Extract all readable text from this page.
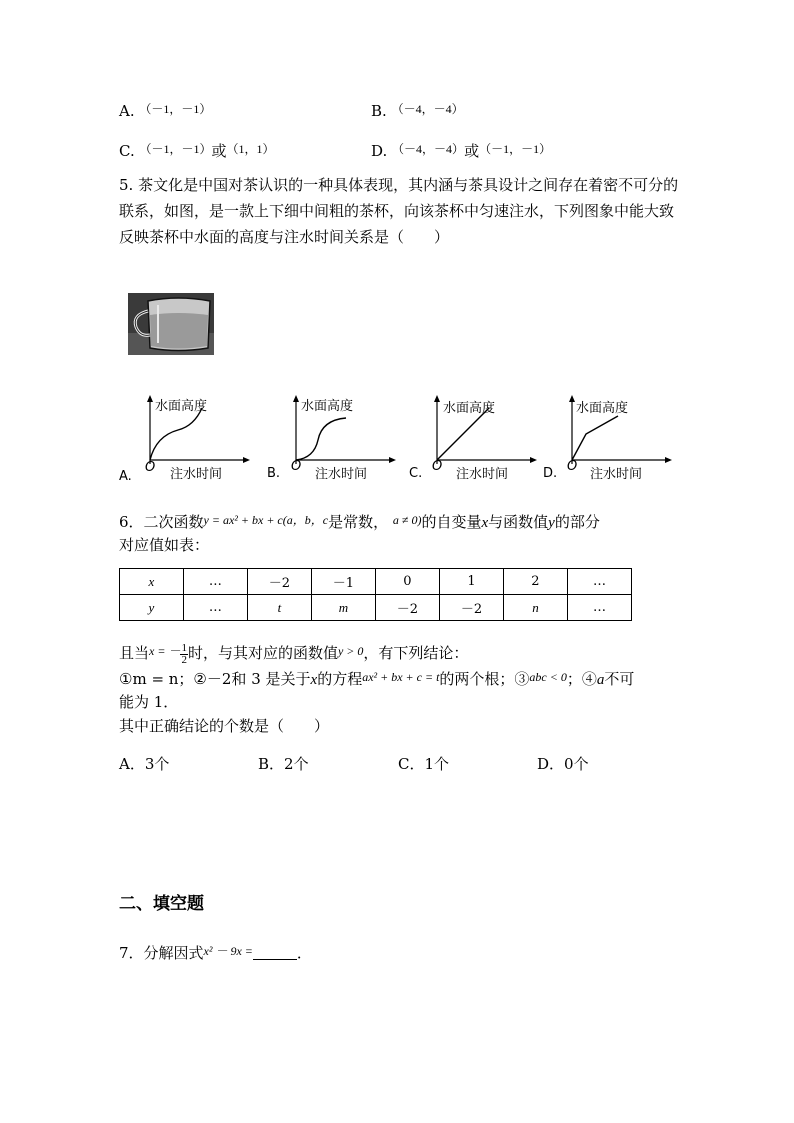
A. $^{(-1,-1)}$	B. $^{(-4,-4)}$
C. $^{(-1,-1)}$或$^{(1,1)}$	D. $^{(-4,-4)}$或$^{(-1,-1)}$
5. 茶文化是中国对茶认识的一种具体表现，其内涵与茶具设计之间存在着密不可分的联系，如图，是一款上下细中间粗的茶杯，向该茶杯中匀速注水，下列图象中能大致反映茶杯中水面的高度与注水时间关系是（　　）
A.	B.	C.	D.
水面高度
注水时间
O
水面高度
注水时间
O
水面高度
注水时间
O
水面高度
注水时间
O
6．二次函数$^{y = ax^2 + bx + c(a,b,c}$是常数， $^{a \ne 0)}$的自变量x与函数值y的部分
对应值如表：
x	…	－2	－1	0	1	2	…
y	…	t	m	－2	－2	n	…
且当$^{x = -} \frac{1}{2}$ 时，与其对应的函数值$^{y > 0}$，有下列结论：
①m = n；②－2和 3 是关于x的方程$^{ax^2 + bx + c = t}$的两个根；③$^{abc < 0}$；④a不可
能为 1．
其中正确结论的个数是（　　）
A．3个	B．2个	C．1个	D．0个
二、填空题
7．分解因式$^{x^2 - 9x =}$	．
